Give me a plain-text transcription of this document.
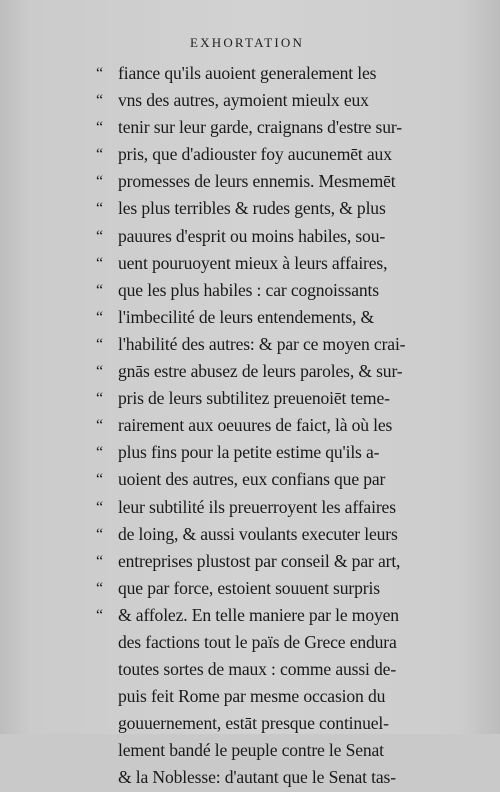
EXHORTATION
“ fiance qu'ils auoient generalement les
“ vns des autres, aymoient mieulx eux
“ tenir sur leur garde, craignans d'estre sur-
“ pris, que d'adiouster foy aucunemēt aux
“ promesses de leurs ennemis. Mesmemēt
“ les plus terribles & rudes gents, & plus
“ pauures d'esprit ou moins habiles, sou-
“ uent pouruoyent mieux à leurs affaires,
“ que les plus habiles : car cognoissants
“ l'imbecilité de leurs entendements, &
“ l'habilité des autres: & par ce moyen crai-
“ gnās estre abusez de leurs paroles, & sur-
“ pris de leurs subtilitez preuenoiēt teme-
“ rairement aux oeuures de faict, là où les
“ plus fins pour la petite estime qu'ils a-
“ uoient des autres, eux confians que par
“ leur subtilité ils preuerroyent les affaires
“ de loing, & aussi voulants executer leurs
“ entreprises plustost par conseil & par art,
“ que par force, estoient souuent surpris
“ & affolez. En telle maniere par le moyen
des factions tout le païs de Grece endura
toutes sortes de maux : comme aussi de-
puis feit Rome par mesme occasion du
gouuernement, estāt presque continuel-
lement bandé le peuple contre le Senat
& la Noblesse: d'autant que le Senat tas-
